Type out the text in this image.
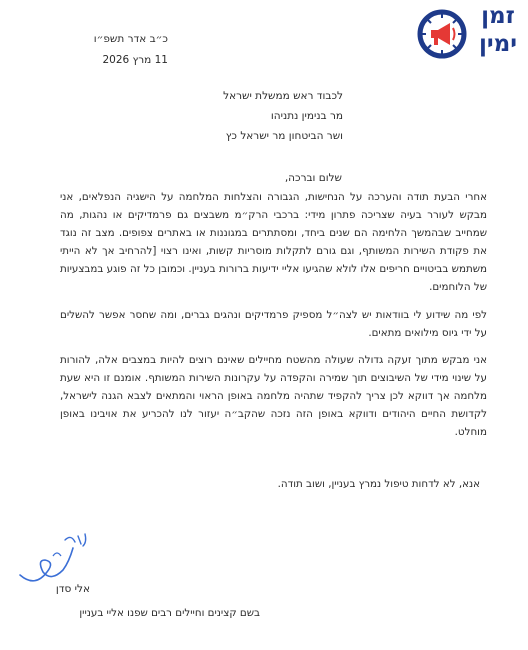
כ״ב אדר תשפ״ו
11 מרץ 2026
זמן
ימין
לכבוד ראש ממשלת ישראל
מר בנימין נתניהו
ושר הביטחון מר ישראל כץ
שלום וברכה,
אחרי הבעת תודה והערכה על הנחישות, הגבורה והצלחות המלחמה על הישגיה הנפלאים, אני מבקש לעורר בעיה שצריכה פתרון מידי: ברכבי הרק״מ משבצים גם פרמדיקים או נהגות, מה שמחייב שבהמשך הלחימה הם שנים ביחד, ומסתתרים במגוננות או באתרים צפופים. מצב זה נוגד את פקודת השירות המשותף, וגם גורם לתקלות מוסריות קשות, ואינו רצוי [להרחיב אך לא הייתי משתמש בביטויים חריפים אלו לולא שהגיעו אליי ידיעות ברורות בעניין. וכמובן כל זה פוגע במבצעיות של הלוחמים.
לפי מה שידוע לי בוודאות יש לצה״ל מספיק פרמדיקים ונהגים גברים, ומה שחסר אפשר להשלים על ידי גיוס מילואים מתאים.
אני מבקש מתוך זעקה גדולה שעולה מהשטח מחיילים שאינם רוצים להיות במצבים אלה, להורות על שינוי מידי של השיבוצים תוך שמירה והקפדה על עקרונות השירות המשותף. אומנם זו היא שעת מלחמה אך דווקא לכן צריך להקפיד שתהיה מלחמה באופן הראוי והמתאים לצבא הגנה לישראל, לקדושת החיים היהודים ודווקא באופן הזה נזכה שהקב״ה יעזור לנו להכריע את אויבינו באופן מוחלט.
אנא, לא לדחות טיפול נמרץ בעניין, ושוב תודה.
אלי סדן
בשם קצינים וחיילים רבים שפנו אליי בעניין
